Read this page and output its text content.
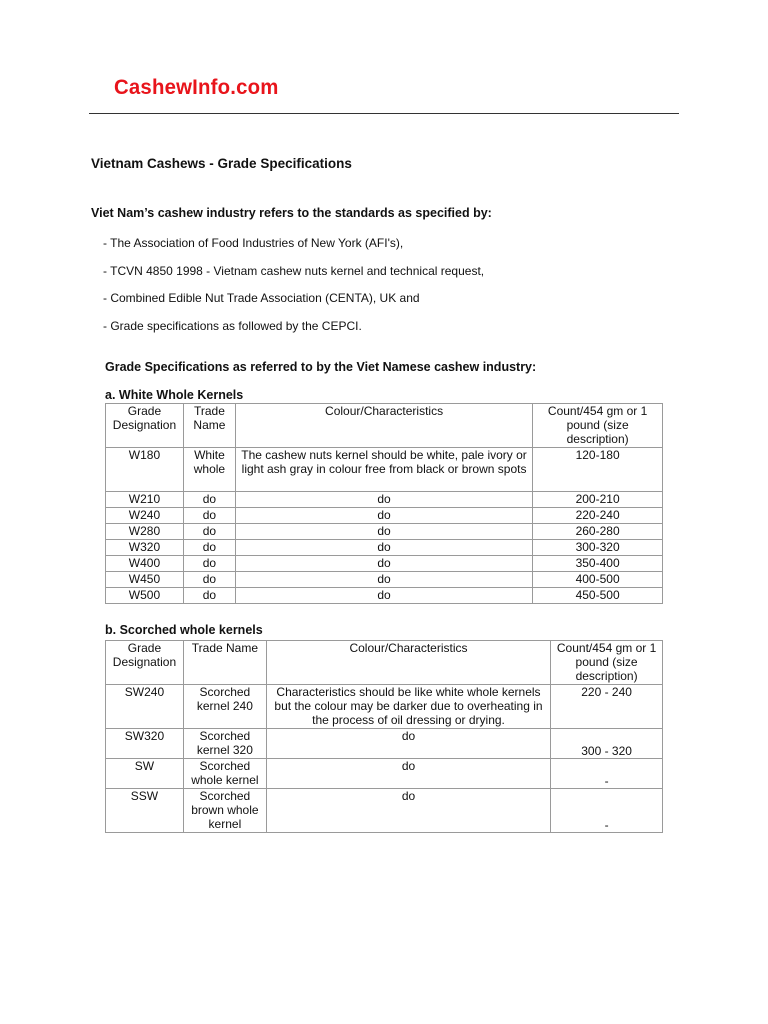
CashewInfo.com
Vietnam Cashews - Grade Specifications
Viet Nam’s cashew industry refers to the standards as specified by:
- The Association of Food Industries of New York (AFI's),
- TCVN 4850 1998 - Vietnam cashew nuts kernel and technical request,
- Combined Edible Nut Trade Association (CENTA), UK and
- Grade specifications as followed by the CEPCI.
Grade Specifications as referred to by the Viet Namese cashew industry:
a. White Whole Kernels
Grade Designation	Trade Name	Colour/Characteristics	Count/454 gm or 1 pound (size description)
W180	White whole	The cashew nuts kernel should be white, pale ivory or light ash gray in colour free from black or brown spots	120-180
W210	do	do	200-210
W240	do	do	220-240
W280	do	do	260-280
W320	do	do	300-320
W400	do	do	350-400
W450	do	do	400-500
W500	do	do	450-500
b. Scorched whole kernels
Grade Designation	Trade Name	Colour/Characteristics	Count/454 gm or 1 pound (size description)
SW240	Scorched kernel 240	Characteristics should be like white whole kernels but the colour may be darker due to overheating in the process of oil dressing or drying.	220 - 240
SW320	Scorched kernel 320	do	300 - 320
SW	Scorched whole kernel	do	-
SSW	Scorched brown whole kernel	do	-
